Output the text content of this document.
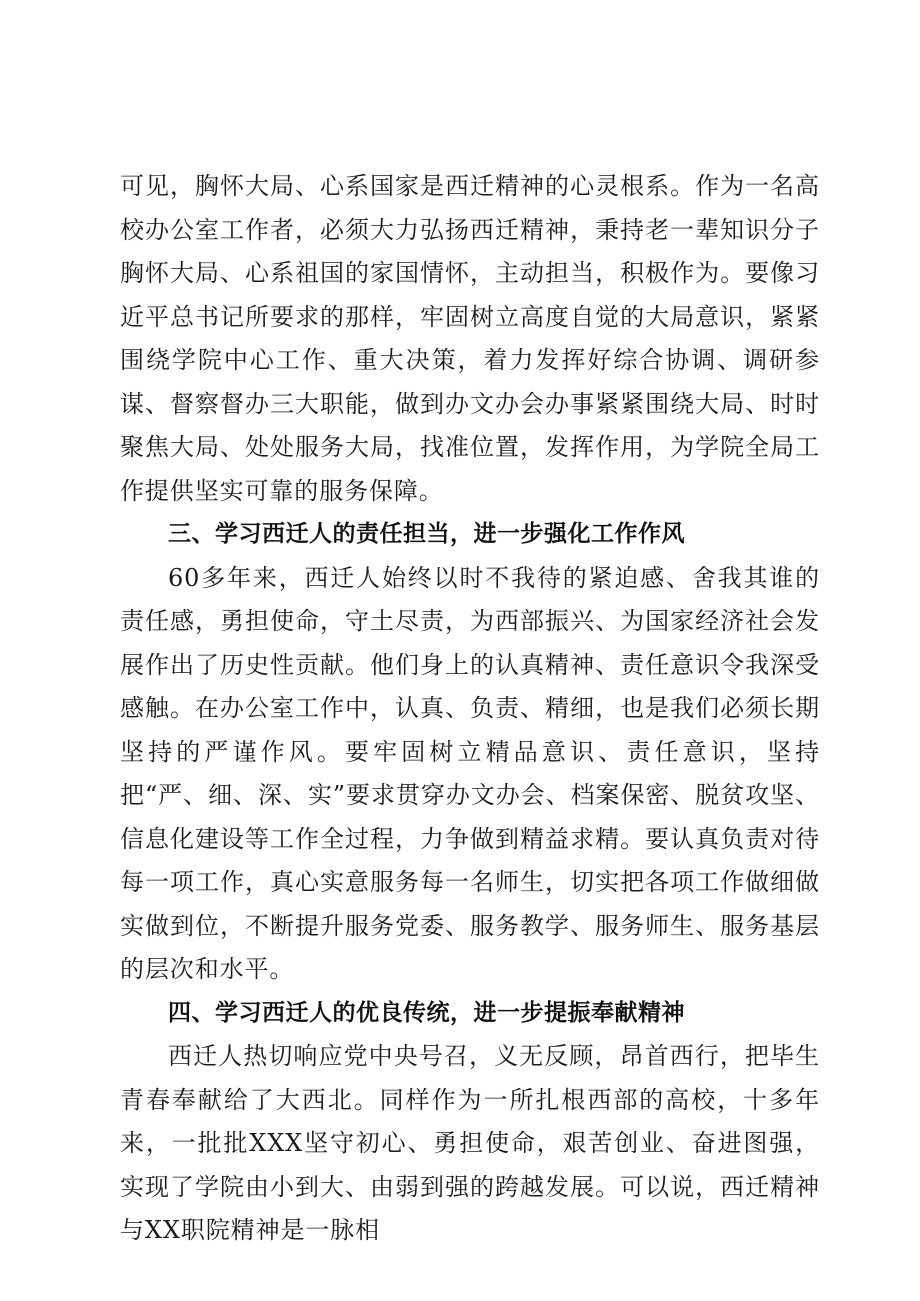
可见，胸怀大局、心系国家是西迁精神的心灵根系。作为一名高校办公室工作者，必须大力弘扬西迁精神，秉持老一辈知识分子胸怀大局、心系祖国的家国情怀，主动担当，积极作为。要像习近平总书记所要求的那样，牢固树立高度自觉的大局意识，紧紧围绕学院中心工作、重大决策，着力发挥好综合协调、调研参谋、督察督办三大职能，做到办文办会办事紧紧围绕大局、时时聚焦大局、处处服务大局，找准位置，发挥作用，为学院全局工作提供坚实可靠的服务保障。

三、学习西迁人的责任担当，进一步强化工作作风

60多年来，西迁人始终以时不我待的紧迫感、舍我其谁的责任感，勇担使命，守土尽责，为西部振兴、为国家经济社会发展作出了历史性贡献。他们身上的认真精神、责任意识令我深受感触。在办公室工作中，认真、负责、精细，也是我们必须长期坚持的严谨作风。要牢固树立精品意识、责任意识，坚持把“严、细、深、实”要求贯穿办文办会、档案保密、脱贫攻坚、信息化建设等工作全过程，力争做到精益求精。要认真负责对待每一项工作，真心实意服务每一名师生，切实把各项工作做细做实做到位，不断提升服务党委、服务教学、服务师生、服务基层的层次和水平。

四、学习西迁人的优良传统，进一步提振奉献精神

西迁人热切响应党中央号召，义无反顾，昂首西行，把毕生青春奉献给了大西北。同样作为一所扎根西部的高校，十多年来，一批批XXX坚守初心、勇担使命，艰苦创业、奋进图强，实现了学院由小到大、由弱到强的跨越发展。可以说，西迁精神与XX职院精神是一脉相
